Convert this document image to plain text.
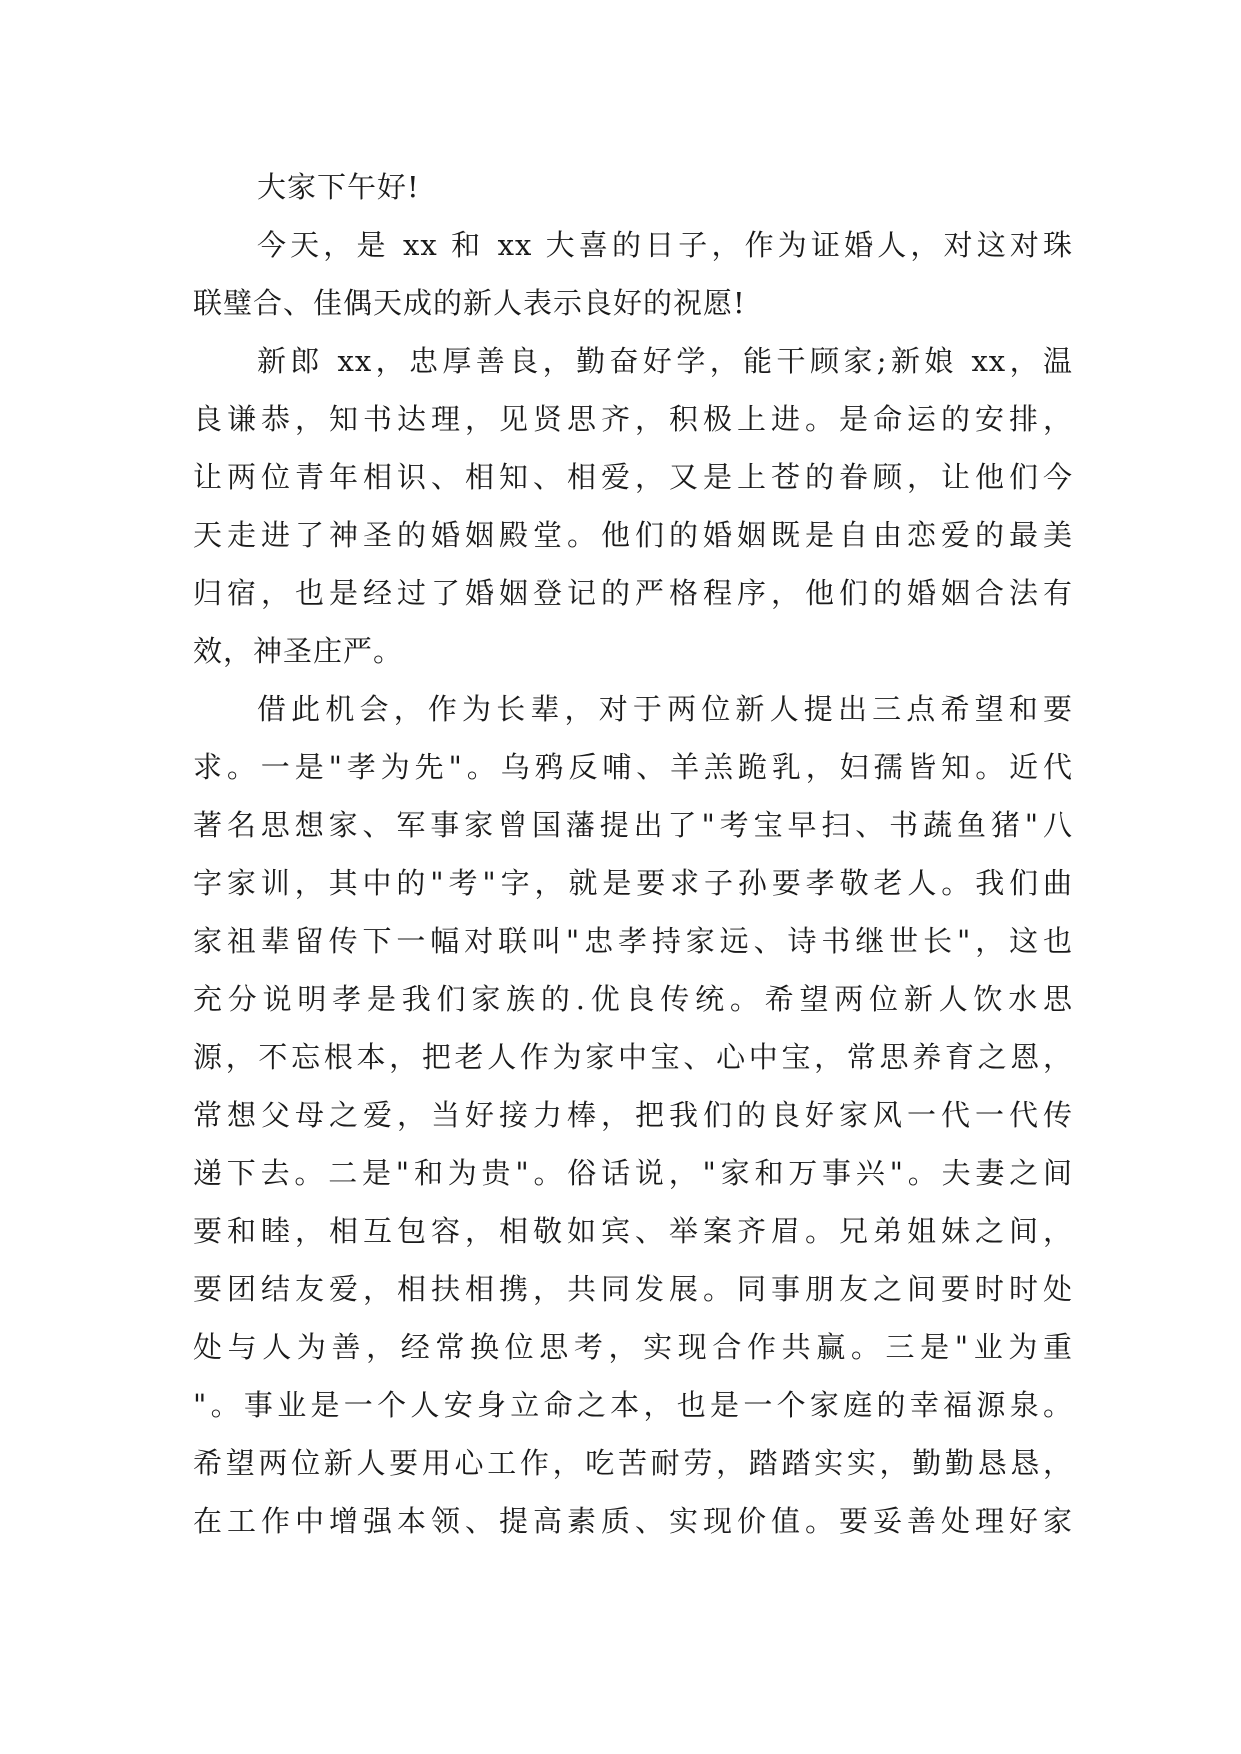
大家下午好!
今天，是 xx 和 xx 大喜的日子，作为证婚人，对这对珠
联璧合、佳偶天成的新人表示良好的祝愿!
新郎 xx，忠厚善良，勤奋好学，能干顾家;新娘 xx，温
良谦恭，知书达理，见贤思齐，积极上进。是命运的安排，
让两位青年相识、相知、相爱，又是上苍的眷顾，让他们今
天走进了神圣的婚姻殿堂。他们的婚姻既是自由恋爱的最美
归宿，也是经过了婚姻登记的严格程序，他们的婚姻合法有
效，神圣庄严。
借此机会，作为长辈，对于两位新人提出三点希望和要
求。一是"孝为先"。乌鸦反哺、羊羔跪乳，妇孺皆知。近代
著名思想家、军事家曾国藩提出了"考宝早扫、书蔬鱼猪"八
字家训，其中的"考"字，就是要求子孙要孝敬老人。我们曲
家祖辈留传下一幅对联叫"忠孝持家远、诗书继世长"，这也
充分说明孝是我们家族的.优良传统。希望两位新人饮水思
源，不忘根本，把老人作为家中宝、心中宝，常思养育之恩，
常想父母之爱，当好接力棒，把我们的良好家风一代一代传
递下去。二是"和为贵"。俗话说，"家和万事兴"。夫妻之间
要和睦，相互包容，相敬如宾、举案齐眉。兄弟姐妹之间，
要团结友爱，相扶相携，共同发展。同事朋友之间要时时处
处与人为善，经常换位思考，实现合作共赢。三是"业为重
"。事业是一个人安身立命之本，也是一个家庭的幸福源泉。
希望两位新人要用心工作，吃苦耐劳，踏踏实实，勤勤恳恳，
在工作中增强本领、提高素质、实现价值。要妥善处理好家
